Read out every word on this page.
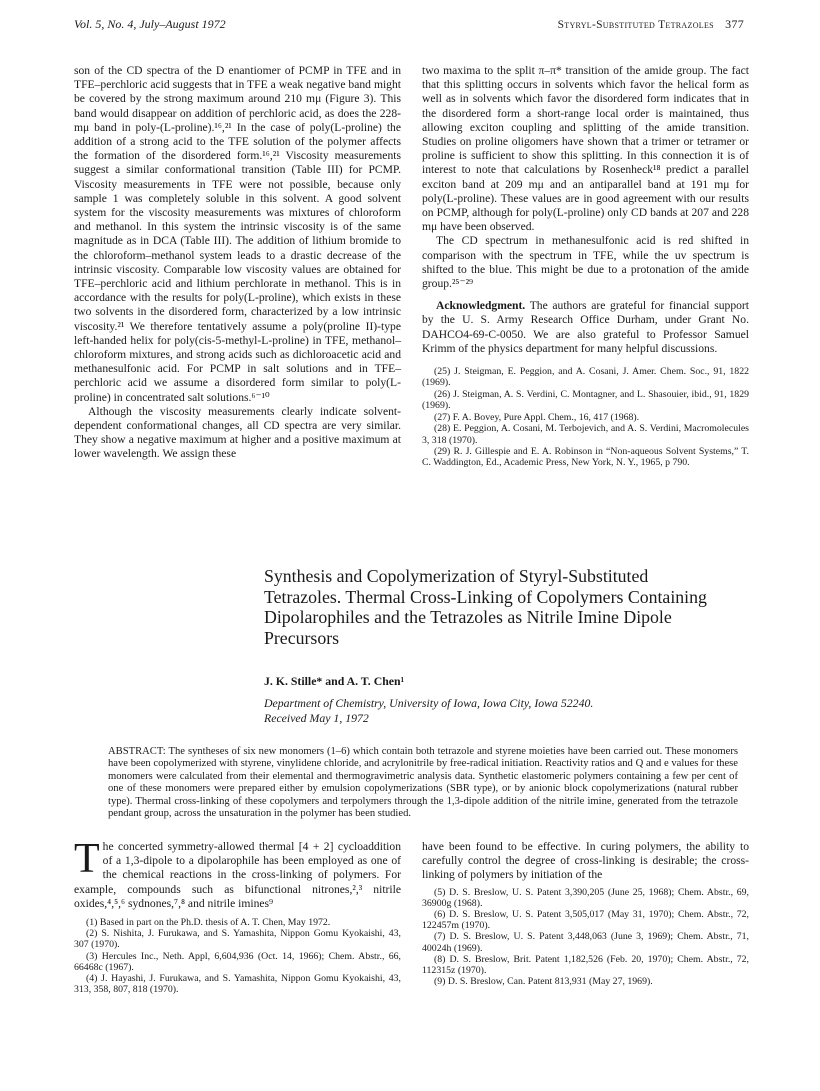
Vol. 5, No. 4, July–August 1972	Styryl-Substituted Tetrazoles 377

son of the CD spectra of the D enantiomer of PCMP in TFE and in TFE–perchloric acid suggests that in TFE a weak negative band might be covered by the strong maximum around 210 mμ (Figure 3). This band would disappear on addition of perchloric acid, as does the 228-mμ band in poly-(L-proline).¹⁶,²¹ In the case of poly(L-proline) the addition of a strong acid to the TFE solution of the polymer affects the formation of the disordered form.¹⁶,²¹ Viscosity measurements suggest a similar conformational transition (Table III) for PCMP. Viscosity measurements in TFE were not possible, because only sample 1 was completely soluble in this solvent. A good solvent system for the viscosity measurements was mixtures of chloroform and methanol. In this system the intrinsic viscosity is of the same magnitude as in DCA (Table III). The addition of lithium bromide to the chloroform–methanol system leads to a drastic decrease of the intrinsic viscosity. Comparable low viscosity values are obtained for TFE–perchloric acid and lithium perchlorate in methanol. This is in accordance with the results for poly(L-proline), which exists in these two solvents in the disordered form, characterized by a low intrinsic viscosity.²¹ We therefore tentatively assume a poly(proline II)-type left-handed helix for poly(cis-5-methyl-L-proline) in TFE, methanol–chloroform mixtures, and strong acids such as dichloroacetic acid and methanesulfonic acid. For PCMP in salt solutions and in TFE–perchloric acid we assume a disordered form similar to poly(L-proline) in concentrated salt solutions.⁶⁻¹⁰

Although the viscosity measurements clearly indicate solvent-dependent conformational changes, all CD spectra are very similar. They show a negative maximum at higher and a positive maximum at lower wavelength. We assign these

two maxima to the split π–π* transition of the amide group. The fact that this splitting occurs in solvents which favor the helical form as well as in solvents which favor the disordered form indicates that in the disordered form a short-range local order is maintained, thus allowing exciton coupling and splitting of the amide transition. Studies on proline oligomers have shown that a trimer or tetramer or proline is sufficient to show this splitting. In this connection it is of interest to note that calculations by Rosenheck¹⁸ predict a parallel exciton band at 209 mμ and an antiparallel band at 191 mμ for poly(L-proline). These values are in good agreement with our results on PCMP, although for poly(L-proline) only CD bands at 207 and 228 mμ have been observed.

The CD spectrum in methanesulfonic acid is red shifted in comparison with the spectrum in TFE, while the uv spectrum is shifted to the blue. This might be due to a protonation of the amide group.²⁵⁻²⁹

Acknowledgment. The authors are grateful for financial support by the U. S. Army Research Office Durham, under Grant No. DAHCO4-69-C-0050. We are also grateful to Professor Samuel Krimm of the physics department for many helpful discussions.

(25) J. Steigman, E. Peggion, and A. Cosani, J. Amer. Chem. Soc., 91, 1822 (1969).
(26) J. Steigman, A. S. Verdini, C. Montagner, and L. Shasouier, ibid., 91, 1829 (1969).
(27) F. A. Bovey, Pure Appl. Chem., 16, 417 (1968).
(28) E. Peggion, A. Cosani, M. Terbojevich, and A. S. Verdini, Macromolecules 3, 318 (1970).
(29) R. J. Gillespie and E. A. Robinson in “Non-aqueous Solvent Systems,” T. C. Waddington, Ed., Academic Press, New York, N. Y., 1965, p 790.
Synthesis and Copolymerization of Styryl-Substituted Tetrazoles. Thermal Cross-Linking of Copolymers Containing Dipolarophiles and the Tetrazoles as Nitrile Imine Dipole Precursors
J. K. Stille* and A. T. Chen¹
Department of Chemistry, University of Iowa, Iowa City, Iowa 52240.
Received May 1, 1972
ABSTRACT: The syntheses of six new monomers (1–6) which contain both tetrazole and styrene moieties have been carried out. These monomers have been copolymerized with styrene, vinylidene chloride, and acrylonitrile by free-radical initiation. Reactivity ratios and Q and e values for these monomers were calculated from their elemental and thermogravimetric analysis data. Synthetic elastomeric polymers containing a few per cent of one of these monomers were prepared either by emulsion copolymerizations (SBR type), or by anionic block copolymerizations (natural rubber type). Thermal cross-linking of these copolymers and terpolymers through the 1,3-dipole addition of the nitrile imine, generated from the tetrazole pendant group, across the unsaturation in the polymer has been studied.

The concerted symmetry-allowed thermal [4 + 2] cycloaddition of a 1,3-dipole to a dipolarophile has been employed as one of the chemical reactions in the cross-linking of polymers. For example, compounds such as bifunctional nitrones,²,³ nitrile oxides,⁴,⁵,⁶ sydnones,⁷,⁸ and nitrile imines⁹

(1) Based in part on the Ph.D. thesis of A. T. Chen, May 1972.
(2) S. Nishita, J. Furukawa, and S. Yamashita, Nippon Gomu Kyokaishi, 43, 307 (1970).
(3) Hercules Inc., Neth. Appl, 6,604,936 (Oct. 14, 1966); Chem. Abstr., 66, 66468c (1967).
(4) J. Hayashi, J. Furukawa, and S. Yamashita, Nippon Gomu Kyokaishi, 43, 313, 358, 807, 818 (1970).

have been found to be effective. In curing polymers, the ability to carefully control the degree of cross-linking is desirable; the cross-linking of polymers by initiation of the

(5) D. S. Breslow, U. S. Patent 3,390,205 (June 25, 1968); Chem. Abstr., 69, 36900g (1968).
(6) D. S. Breslow, U. S. Patent 3,505,017 (May 31, 1970); Chem. Abstr., 72, 122457m (1970).
(7) D. S. Breslow, U. S. Patent 3,448,063 (June 3, 1969); Chem. Abstr., 71, 40024h (1969).
(8) D. S. Breslow, Brit. Patent 1,182,526 (Feb. 20, 1970); Chem. Abstr., 72, 112315z (1970).
(9) D. S. Breslow, Can. Patent 813,931 (May 27, 1969).
